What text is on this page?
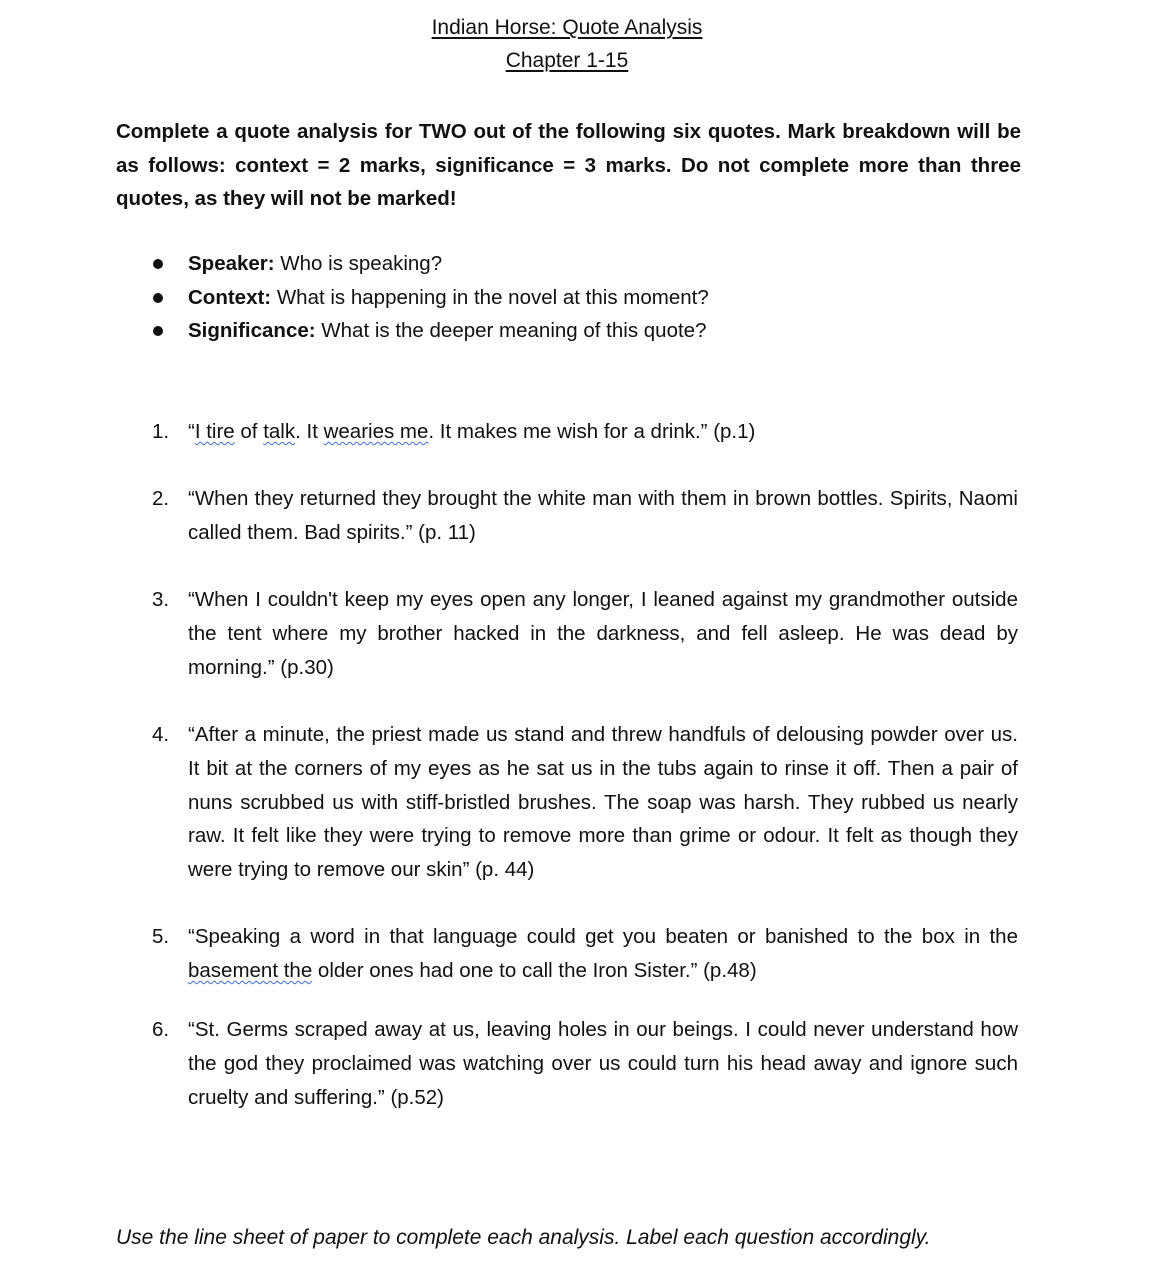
Indian Horse: Quote Analysis
Chapter 1-15
Complete a quote analysis for TWO out of the following six quotes. Mark breakdown will be as follows: context = 2 marks, significance = 3 marks. Do not complete more than three quotes, as they will not be marked!
Speaker: Who is speaking?
Context: What is happening in the novel at this moment?
Significance: What is the deeper meaning of this quote?
1. “I tire of talk. It wearies me. It makes me wish for a drink.” (p.1)
2. “When they returned they brought the white man with them in brown bottles. Spirits, Naomi called them. Bad spirits.” (p. 11)
3. “When I couldn't keep my eyes open any longer, I leaned against my grandmother outside the tent where my brother hacked in the darkness, and fell asleep. He was dead by morning.” (p.30)
4. “After a minute, the priest made us stand and threw handfuls of delousing powder over us. It bit at the corners of my eyes as he sat us in the tubs again to rinse it off. Then a pair of nuns scrubbed us with stiff-bristled brushes. The soap was harsh. They rubbed us nearly raw. It felt like they were trying to remove more than grime or odour. It felt as though they were trying to remove our skin” (p. 44)
5. “Speaking a word in that language could get you beaten or banished to the box in the basement the older ones had one to call the Iron Sister.” (p.48)
6. “St. Germs scraped away at us, leaving holes in our beings. I could never understand how the god they proclaimed was watching over us could turn his head away and ignore such cruelty and suffering.” (p.52)
Use the line sheet of paper to complete each analysis. Label each question accordingly.
